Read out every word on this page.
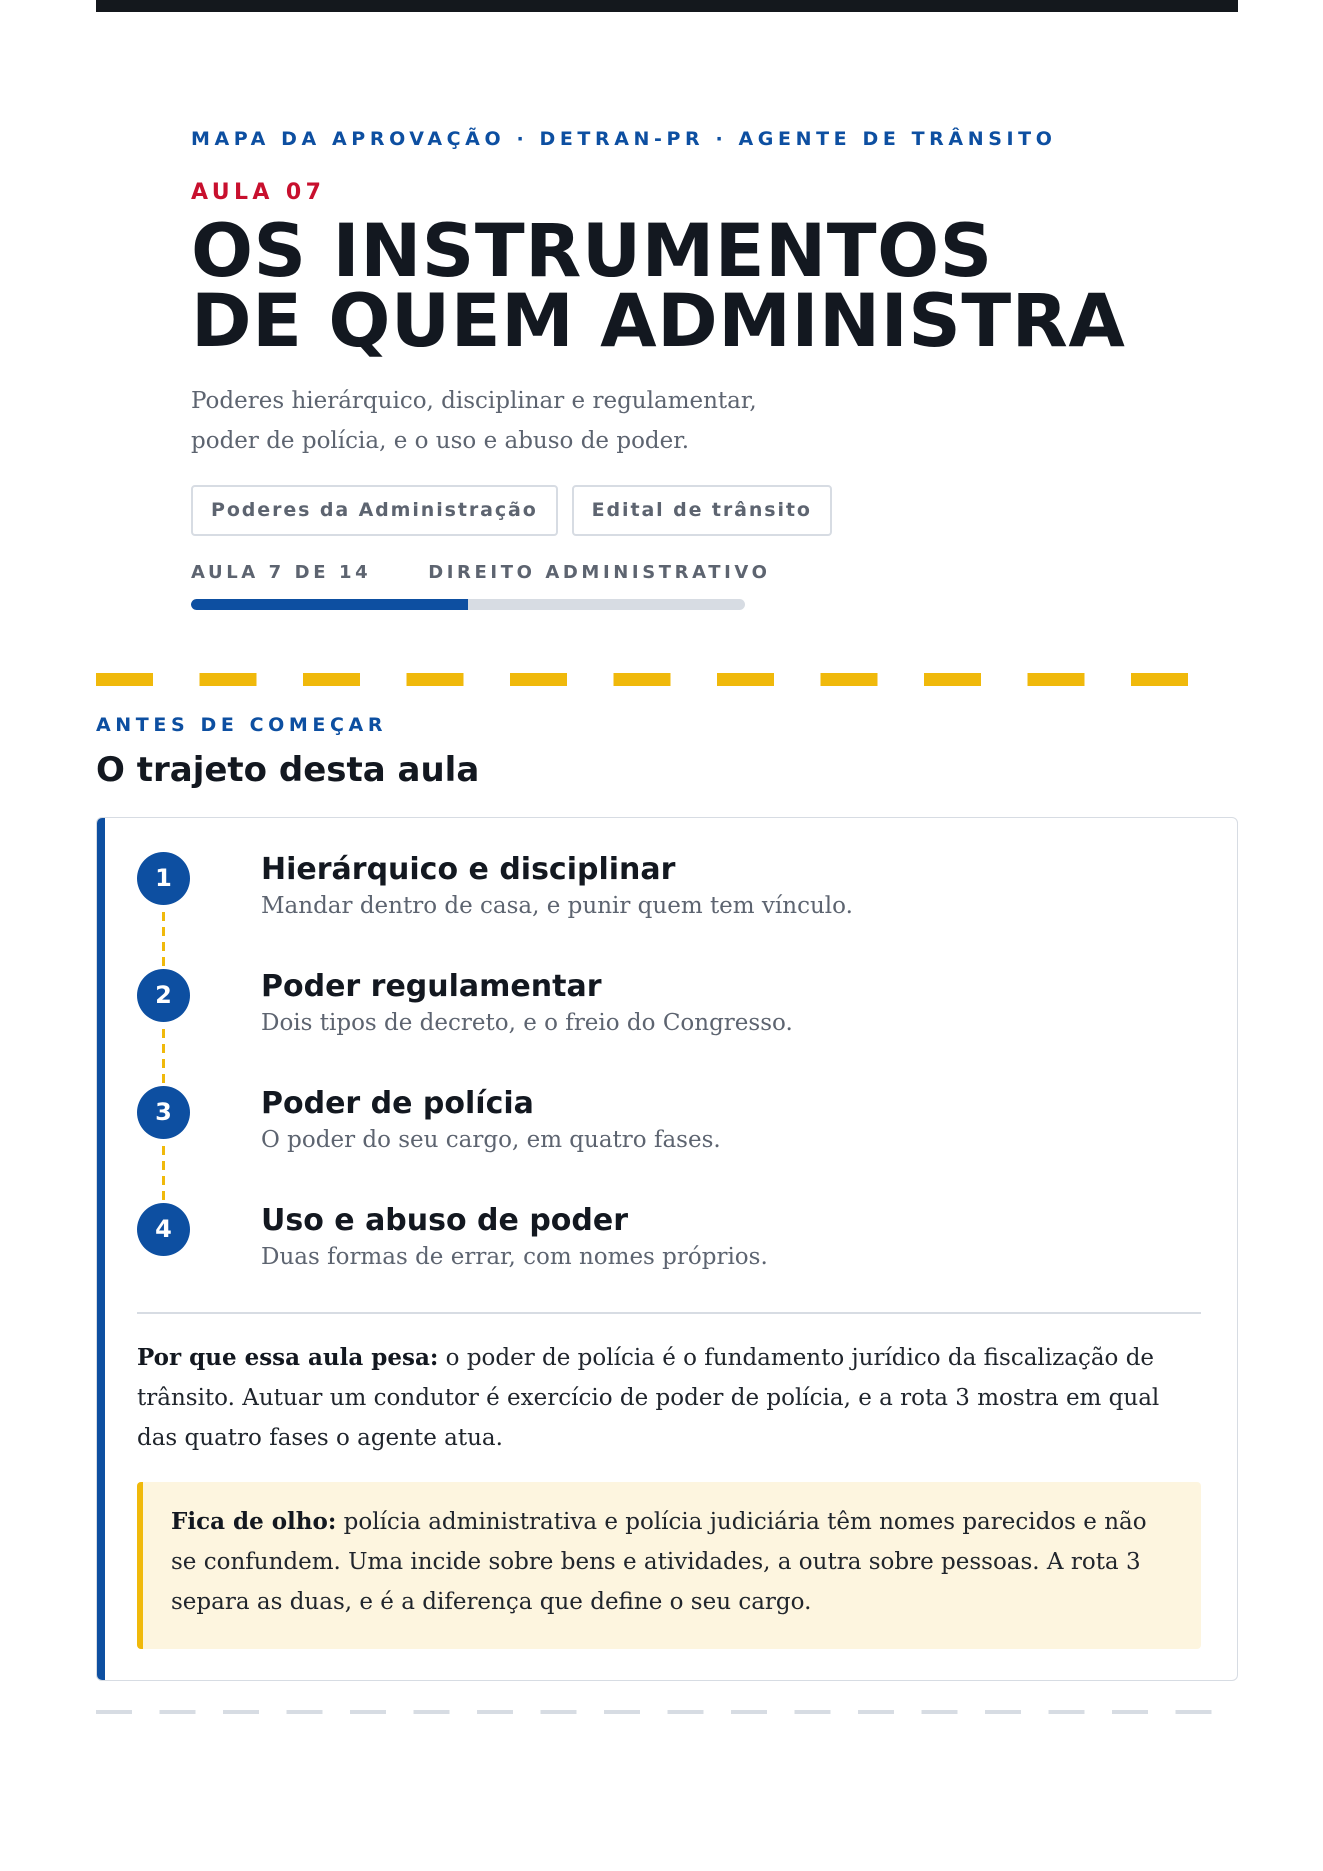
MAPA DA APROVAÇÃO · DETRAN-PR · AGENTE DE TRÂNSITO
AULA 07
OS INSTRUMENTOS
DE QUEM ADMINISTRA
Poderes hierárquico, disciplinar e regulamentar, poder de polícia, e o uso e abuso de poder.
Poderes da Administração	Edital de trânsito
AULA 7 DE 14	DIREITO ADMINISTRATIVO
ANTES DE COMEÇAR
O trajeto desta aula
1	Hierárquico e disciplinar
Mandar dentro de casa, e punir quem tem vínculo.
2	Poder regulamentar
Dois tipos de decreto, e o freio do Congresso.
3	Poder de polícia
O poder do seu cargo, em quatro fases.
4	Uso e abuso de poder
Duas formas de errar, com nomes próprios.
Por que essa aula pesa: o poder de polícia é o fundamento jurídico da fiscalização de trânsito. Autuar um condutor é exercício de poder de polícia, e a rota 3 mostra em qual das quatro fases o agente atua.
Fica de olho: polícia administrativa e polícia judiciária têm nomes parecidos e não se confundem. Uma incide sobre bens e atividades, a outra sobre pessoas. A rota 3 separa as duas, e é a diferença que define o seu cargo.
